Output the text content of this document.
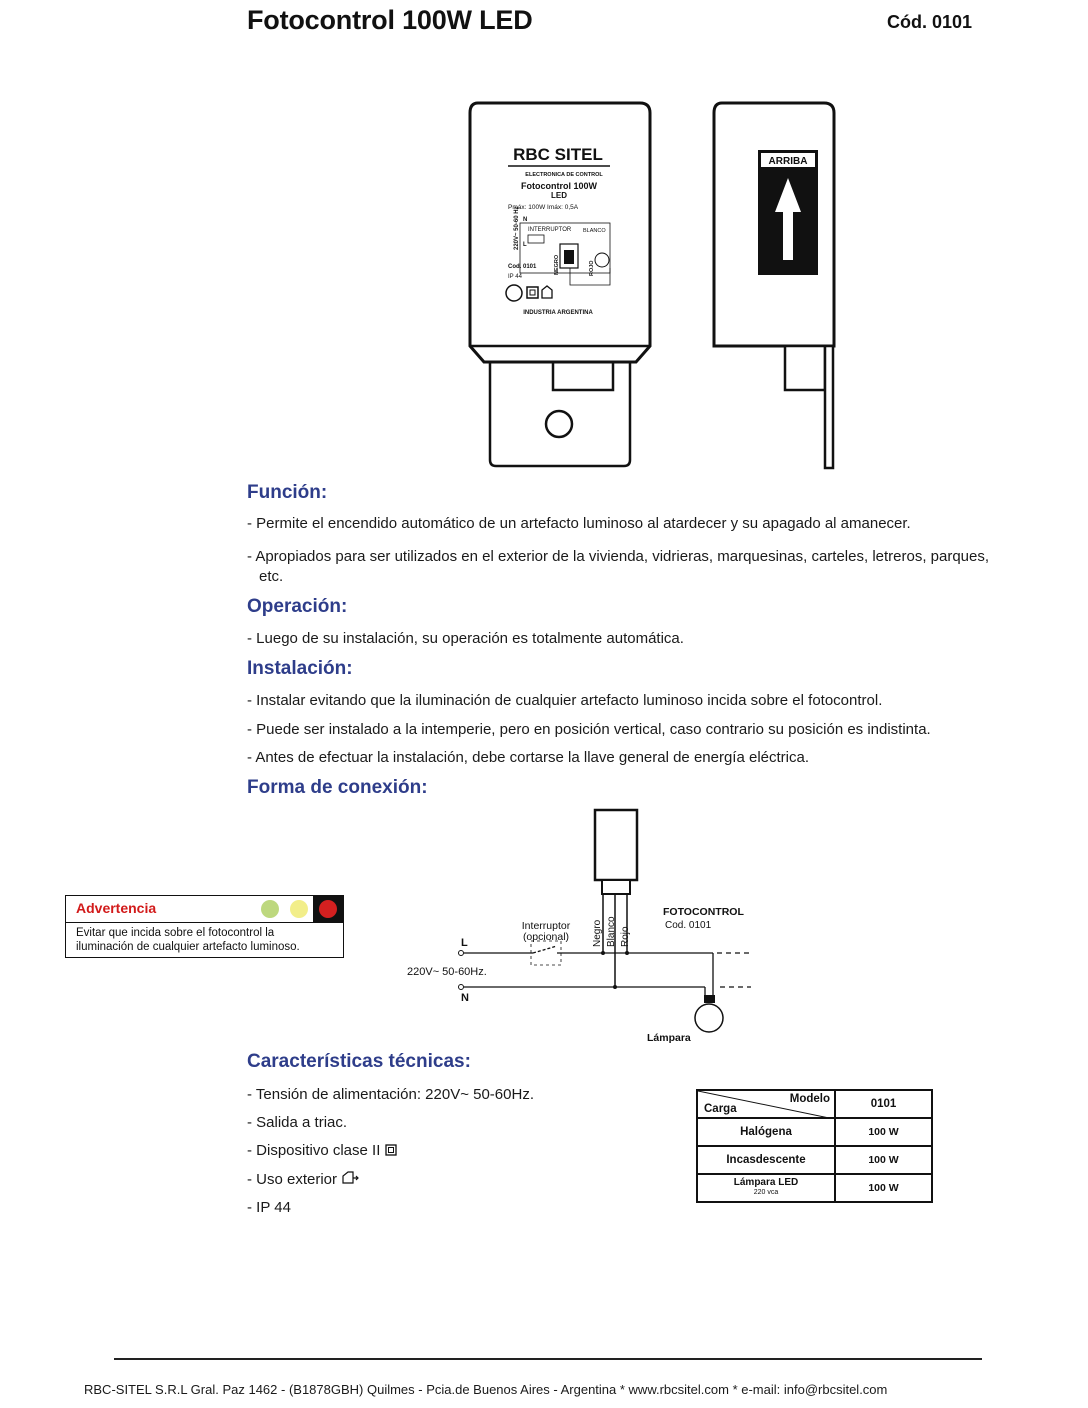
Fotocontrol 100W LED	Cód. 0101
RBC SITEL
ELECTRONICA DE CONTROL
Fotocontrol 100W
LED
Pmáx: 100W Imáx: 0,5A
220V~ 50-60 Hz N
L
INTERRUPTOR BLANCO
NEGRO	ROJO
Cod. 0101
IP 44
INDUSTRIA ARGENTINA
ARRIBA
Función:
- Permite el encendido automático de un artefacto luminoso al atardecer y su apagado al amanecer.
- Apropiados para ser utilizados en el exterior de la vivienda, vidrieras, marquesinas, carteles, letreros, parques,
etc.
Operación:
- Luego de su instalación, su operación es totalmente automática.
Instalación:
- Instalar evitando que la iluminación de cualquier artefacto luminoso incida sobre el fotocontrol.
- Puede ser instalado a la intemperie, pero en posición vertical, caso contrario su posición es indistinta.
- Antes de efectuar la instalación, debe cortarse la llave general de energía eléctrica.
Forma de conexión:
Advertencia
Evitar que incida sobre el fotocontrol la
iluminación de cualquier artefacto luminoso.	Negro Blanco Rojo
FOTOCONTROL
Cod. 0101
Interruptor
(opcional)
L
220V~ 50-60Hz.
N
Lámpara
Características técnicas:
- Tensión de alimentación: 220V~ 50-60Hz.
- Salida a triac.
- Dispositivo clase II
- Uso exterior
- IP 44
Modelo
Carga	0101
Halógena	100 W
Incasdescente	100 W

Lámpara LED
220 vca	100 W
RBC-SITEL S.R.L Gral. Paz 1462 - (B1878GBH) Quilmes - Pcia.de Buenos Aires - Argentina * www.rbcsitel.com * e-mail: info@rbcsitel.com
